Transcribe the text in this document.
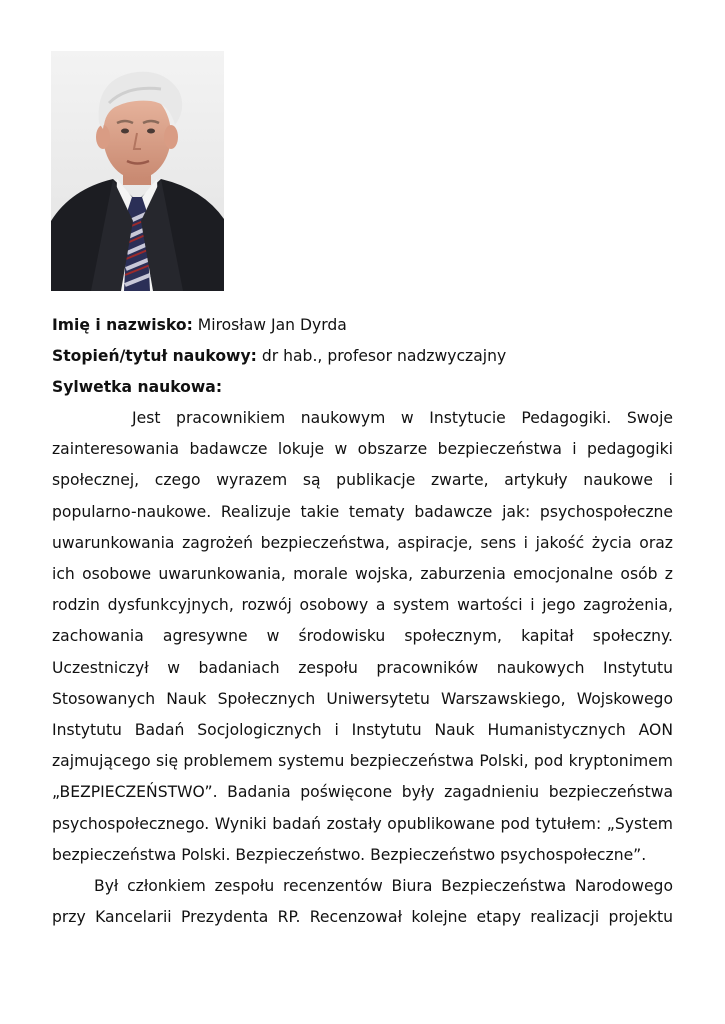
Imię i nazwisko: Mirosław Jan Dyrda

Stopień/tytuł naukowy: dr hab., profesor nadzwyczajny

Sylwetka naukowa:

Jest pracownikiem naukowym w Instytucie Pedagogiki. Swoje zainteresowania badawcze lokuje w obszarze bezpieczeństwa i pedagogiki społecznej, czego wyrazem są publikacje zwarte, artykuły naukowe i popularno-naukowe. Realizuje takie tematy badawcze jak: psychospołeczne uwarunkowania zagrożeń bezpieczeństwa, aspiracje, sens i jakość życia oraz ich osobowe uwarunkowania, morale wojska, zaburzenia emocjonalne osób z rodzin dysfunkcyjnych, rozwój osobowy a system wartości i jego zagrożenia, zachowania agresywne w środowisku społecznym, kapitał społeczny. Uczestniczył w badaniach zespołu pracowników naukowych Instytutu Stosowanych Nauk Społecznych Uniwersytetu Warszawskiego, Wojskowego Instytutu Badań Socjologicznych i Instytutu Nauk Humanistycznych AON zajmującego się problemem systemu bezpieczeństwa Polski, pod kryptonimem „BEZPIECZEŃSTWO”. Badania poświęcone były zagadnieniu bezpieczeństwa psychospołecznego. Wyniki badań zostały opublikowane pod tytułem: „System bezpieczeństwa Polski. Bezpieczeństwo. Bezpieczeństwo psychospołeczne”.

Był członkiem zespołu recenzentów Biura Bezpieczeństwa Narodowego przy Kancelarii Prezydenta RP. Recenzował kolejne etapy realizacji projektu
